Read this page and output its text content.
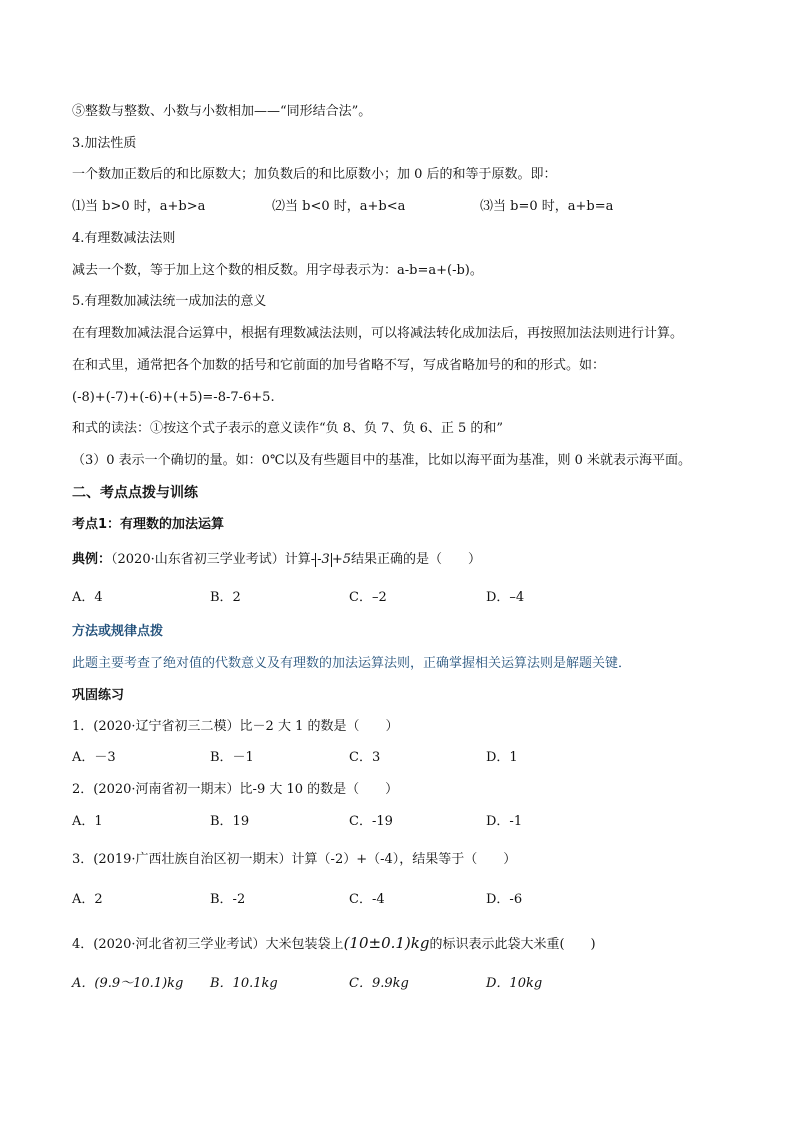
⑤整数与整数、小数与小数相加——“同形结合法”。
3.加法性质
一个数加正数后的和比原数大；加负数后的和比原数小；加 0 后的和等于原数。即：
⑴当 b>0 时，a+b>a	⑵当 b<0 时，a+b<a	⑶当 b=0 时，a+b=a
4.有理数减法法则
减去一个数，等于加上这个数的相反数。用字母表示为：a-b=a+(-b)。
5.有理数加减法统一成加法的意义
在有理数加减法混合运算中，根据有理数减法法则，可以将减法转化成加法后，再按照加法法则进行计算。
在和式里，通常把各个加数的括号和它前面的加号省略不写，写成省略加号的和的形式。如：
(-8)+(-7)+(-6)+(+5)=-8-7-6+5.
和式的读法：①按这个式子表示的意义读作“负 8、负 7、负 6、正 5 的和”
（3）0 表示一个确切的量。如：0℃以及有些题目中的基准，比如以海平面为基准，则 0 米就表示海平面。
二、考点点拨与训练
考点1：有理数的加法运算
典例：（2020·山东省初三学业考试）计算- -3 +5结果正确的是（　　）
A．4	B．2	C．–2	D．–4
方法或规律点拨
此题主要考查了绝对值的代数意义及有理数的加法运算法则，正确掌握相关运算法则是解题关键．
巩固练习
1．(2020·辽宁省初三二模）比－2 大 1 的数是（　　）
A．－3	B．－1	C．3	D．1
2．(2020·河南省初一期末）比-9 大 10 的数是（　　）
A．1	B．19	C．-19	D．-1
3．(2019·广西壮族自治区初一期末）计算（-2）+（-4），结果等于（　　）
A．2	B．-2	C．-4	D．-6
4．(2020·河北省初三学业考试）大米包装袋上(10±0.1)kg的标识表示此袋大米重(　　)
A．(9.9～10.1)kg B．10.1kg	C．9.9kg	D．10kg
